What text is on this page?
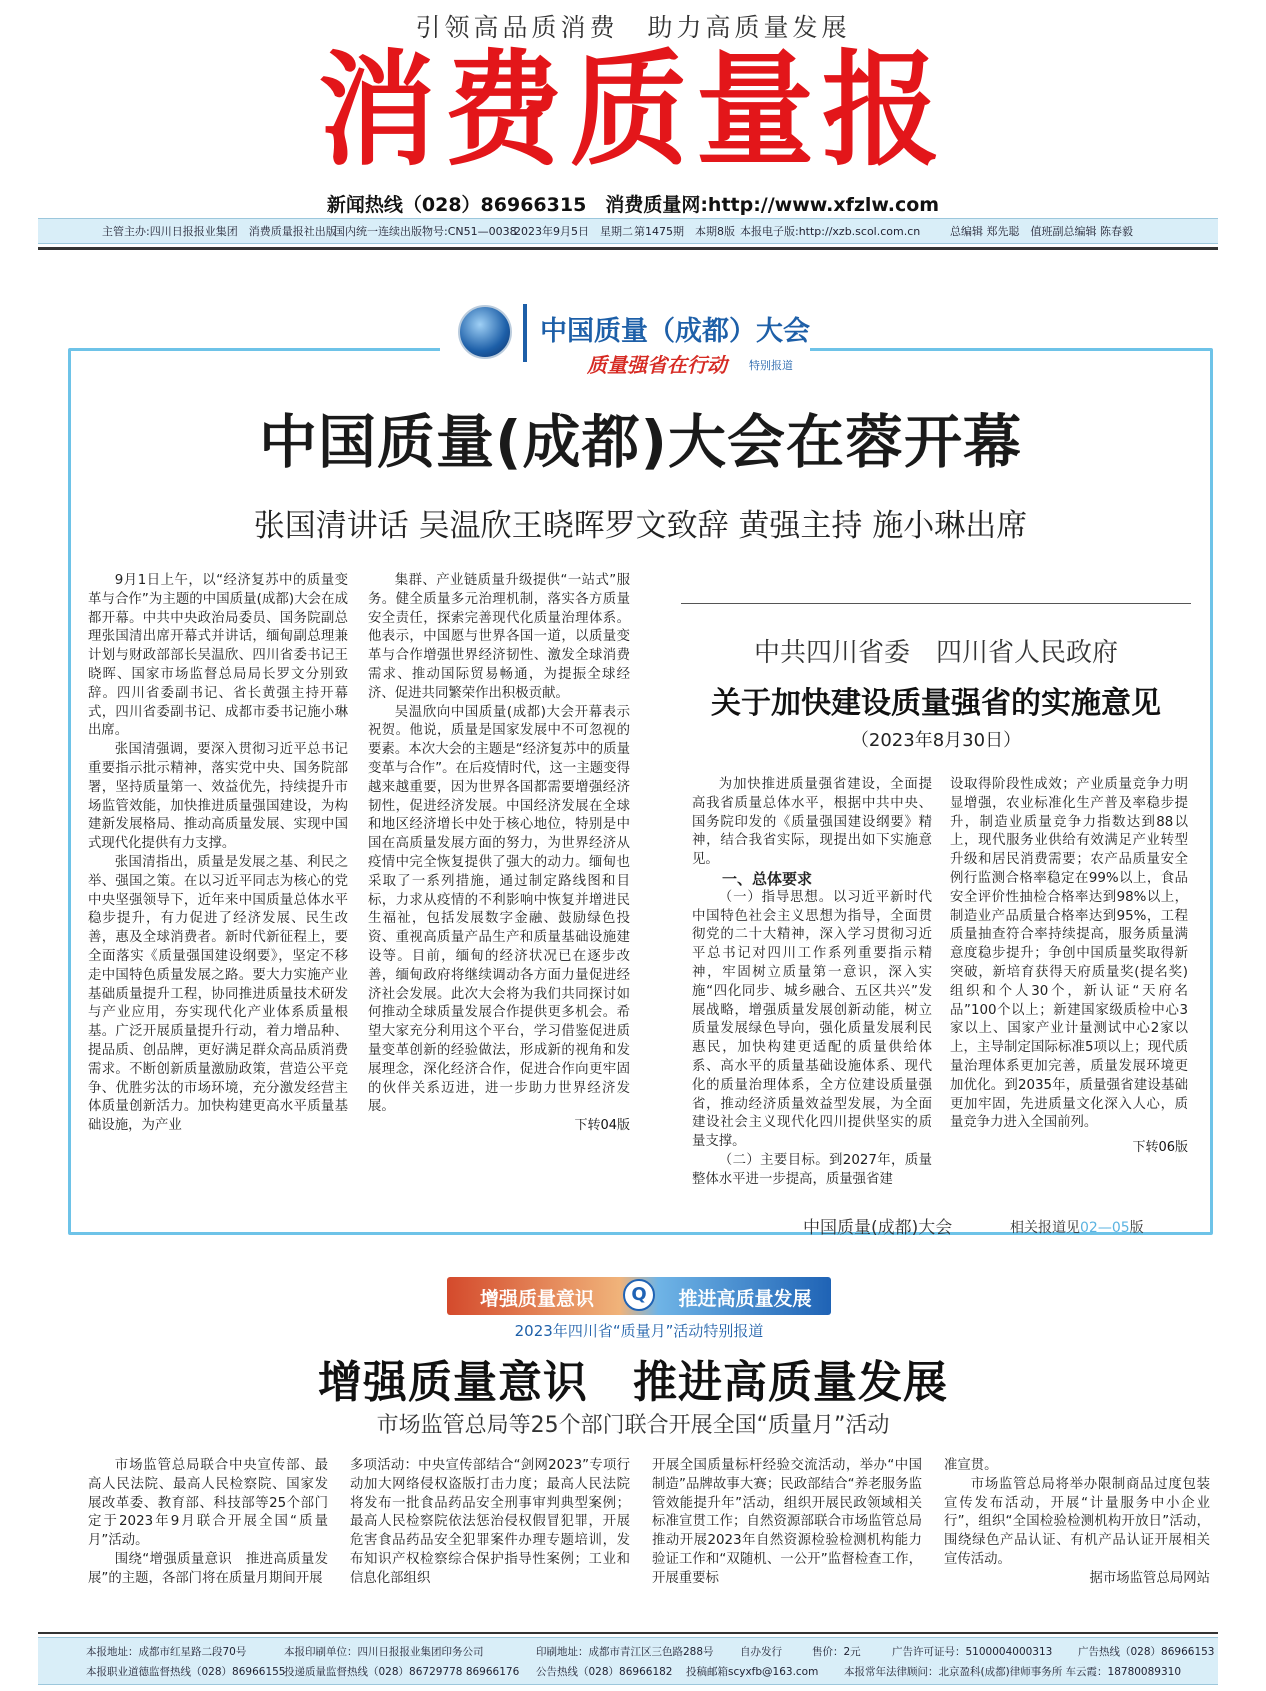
引领高品质消费　助力高质量发展
消费质量报
新闻热线（028）86966315　消费质量网:http://www.xfzlw.com
主管主办:四川日报报业集团　消费质量报社出版
国内统一连续出版物号:CN51—0038
2023年9月5日　星期二 第1475期　本期8版 本报电子版:http://xzb.scol.com.cn	总编辑 郑先聪　值班副总编辑 陈春毅
中国质量（成都）大会
质量强省在行动 特别报道
中国质量(成都)大会在蓉开幕
张国清讲话 吴温欣王晓晖罗文致辞 黄强主持 施小琳出席

9月1日上午，以“经济复苏中的质量变革与合作”为主题的中国质量(成都)大会在成都开幕。中共中央政治局委员、国务院副总理张国清出席开幕式并讲话，缅甸副总理兼计划与财政部部长吴温欣、四川省委书记王晓晖、国家市场监督总局局长罗文分别致辞。四川省委副书记、省长黄强主持开幕式，四川省委副书记、成都市委书记施小琳出席。

张国清强调，要深入贯彻习近平总书记重要指示批示精神，落实党中央、国务院部署，坚持质量第一、效益优先，持续提升市场监管效能，加快推进质量强国建设，为构建新发展格局、推动高质量发展、实现中国式现代化提供有力支撑。

张国清指出，质量是发展之基、利民之举、强国之策。在以习近平同志为核心的党中央坚强领导下，近年来中国质量总体水平稳步提升，有力促进了经济发展、民生改善，惠及全球消费者。新时代新征程上，要全面落实《质量强国建设纲要》，坚定不移走中国特色质量发展之路。要大力实施产业基础质量提升工程，协同推进质量技术研发与产业应用，夯实现代化产业体系质量根基。广泛开展质量提升行动，着力增品种、提品质、创品牌，更好满足群众高品质消费需求。不断创新质量激励政策，营造公平竞争、优胜劣汰的市场环境，充分激发经营主体质量创新活力。加快构建更高水平质量基础设施，为产业

集群、产业链质量升级提供“一站式”服务。健全质量多元治理机制，落实各方质量安全责任，探索完善现代化质量治理体系。他表示，中国愿与世界各国一道，以质量变革与合作增强世界经济韧性、激发全球消费需求、推动国际贸易畅通，为提振全球经济、促进共同繁荣作出积极贡献。

吴温欣向中国质量(成都)大会开幕表示祝贺。他说，质量是国家发展中不可忽视的要素。本次大会的主题是“经济复苏中的质量变革与合作”。在后疫情时代，这一主题变得越来越重要，因为世界各国都需要增强经济韧性，促进经济发展。中国经济发展在全球和地区经济增长中处于核心地位，特别是中国在高质量发展方面的努力，为世界经济从疫情中完全恢复提供了强大的动力。缅甸也采取了一系列措施，通过制定路线图和目标，力求从疫情的不利影响中恢复并增进民生福祉，包括发展数字金融、鼓励绿色投资、重视高质量产品生产和质量基础设施建设等。目前，缅甸的经济状况已在逐步改善，缅甸政府将继续调动各方面力量促进经济社会发展。此次大会将为我们共同探讨如何推动全球质量发展合作提供更多机会。希望大家充分利用这个平台，学习借鉴促进质量变革创新的经验做法，形成新的视角和发展理念，深化经济合作，促进合作向更牢固的伙伴关系迈进，进一步助力世界经济发展。

下转04版
中共四川省委　四川省人民政府
关于加快建设质量强省的实施意见
（2023年8月30日）

为加快推进质量强省建设，全面提高我省质量总体水平，根据中共中央、国务院印发的《质量强国建设纲要》精神，结合我省实际，现提出如下实施意见。

一、总体要求

（一）指导思想。以习近平新时代中国特色社会主义思想为指导，全面贯彻党的二十大精神，深入学习贯彻习近平总书记对四川工作系列重要指示精神，牢固树立质量第一意识，深入实施“四化同步、城乡融合、五区共兴”发展战略，增强质量发展创新动能，树立质量发展绿色导向，强化质量发展利民惠民，加快构建更适配的质量供给体系、高水平的质量基础设施体系、现代化的质量治理体系，全方位建设质量强省，推动经济质量效益型发展，为全面建设社会主义现代化四川提供坚实的质量支撑。

（二）主要目标。到2027年，质量整体水平进一步提高，质量强省建

设取得阶段性成效；产业质量竞争力明显增强，农业标准化生产普及率稳步提升，制造业质量竞争力指数达到88以上，现代服务业供给有效满足产业转型升级和居民消费需要；农产品质量安全例行监测合格率稳定在99%以上，食品安全评价性抽检合格率达到98%以上，制造业产品质量合格率达到95%，工程质量抽查符合率持续提高，服务质量满意度稳步提升；争创中国质量奖取得新突破，新培育获得天府质量奖(提名奖)组织和个人30个，新认证“天府名品”100个以上；新建国家级质检中心3家以上、国家产业计量测试中心2家以上，主导制定国际标准5项以上；现代质量治理体系更加完善，质量发展环境更加优化。到2035年，质量强省建设基础更加牢固，先进质量文化深入人心，质量竞争力进入全国前列。

下转06版
中国质量(成都)大会	相关报道见02—05版
增强质量意识	Q	推进高质量发展
2023年四川省“质量月”活动特别报道
增强质量意识　推进高质量发展
市场监管总局等25个部门联合开展全国“质量月”活动

市场监管总局联合中央宣传部、最高人民法院、最高人民检察院、国家发展改革委、教育部、科技部等25个部门定于2023年9月联合开展全国“质量月”活动。

围绕“增强质量意识　推进高质量发展”的主题，各部门将在质量月期间开展

多项活动：中央宣传部结合“剑网2023”专项行动加大网络侵权盗版打击力度；最高人民法院将发布一批食品药品安全刑事审判典型案例；最高人民检察院依法惩治侵权假冒犯罪，开展危害食品药品安全犯罪案件办理专题培训，发布知识产权检察综合保护指导性案例；工业和信息化部组织

开展全国质量标杆经验交流活动，举办“中国制造”品牌故事大赛；民政部结合“养老服务监管效能提升年”活动，组织开展民政领域相关标准宣贯工作；自然资源部联合市场监管总局推动开展2023年自然资源检验检测机构能力验证工作和“双随机、一公开”监督检查工作，开展重要标

准宣贯。

市场监管总局将举办限制商品过度包装宣传发布活动，开展“计量服务中小企业行”，组织“全国检验检测机构开放日”活动，围绕绿色产品认证、有机产品认证开展相关宣传活动。

据市场监管总局网站
本报地址：成都市红星路二段70号	本报印刷单位：四川日报报业集团印务公司	印刷地址：成都市青江区三色路288号	自办发行	售价：2元	广告许可证号：5100004000313 广告热线（028）86966153
本报职业道德监督热线（028）86966155
投递质量监督热线（028）86729778 86966176 公告热线（028）86966182 投稿邮箱scyxfb@163.com 本报常年法律顾问：北京盈科(成都)律师事务所 车云霞：18780089310
